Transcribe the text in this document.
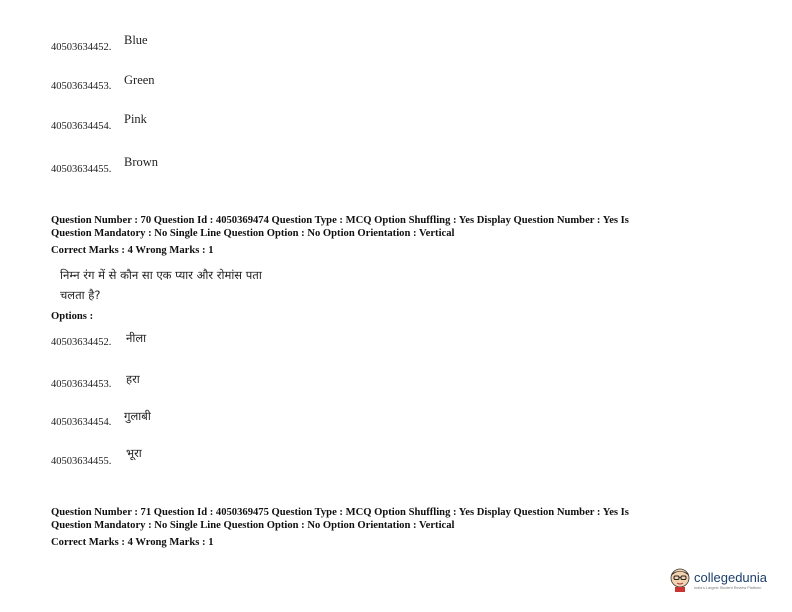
40503634452.
Blue
40503634453. Green
40503634454.
Pink
40503634455.
Brown
Question Number : 70 Question Id : 4050369474 Question Type : MCQ Option Shuffling : Yes Display Question Number : Yes Is
Question Mandatory : No Single Line Question Option : No Option Orientation : Vertical
Correct Marks : 4 Wrong Marks : 1
निम्न रंग में से कौन सा एक प्यार और रोमांस पता
चलता है?
Options :
40503634452. नीला
40503634453. हरा
40503634454. गुलाबी
40503634455.
भूरा
Question Number : 71 Question Id : 4050369475 Question Type : MCQ Option Shuffling : Yes Display Question Number : Yes Is
Question Mandatory : No Single Line Question Option : No Option Orientation : Vertical
Correct Marks : 4 Wrong Marks : 1
collegedunia
India's Largest Student Review Platform
